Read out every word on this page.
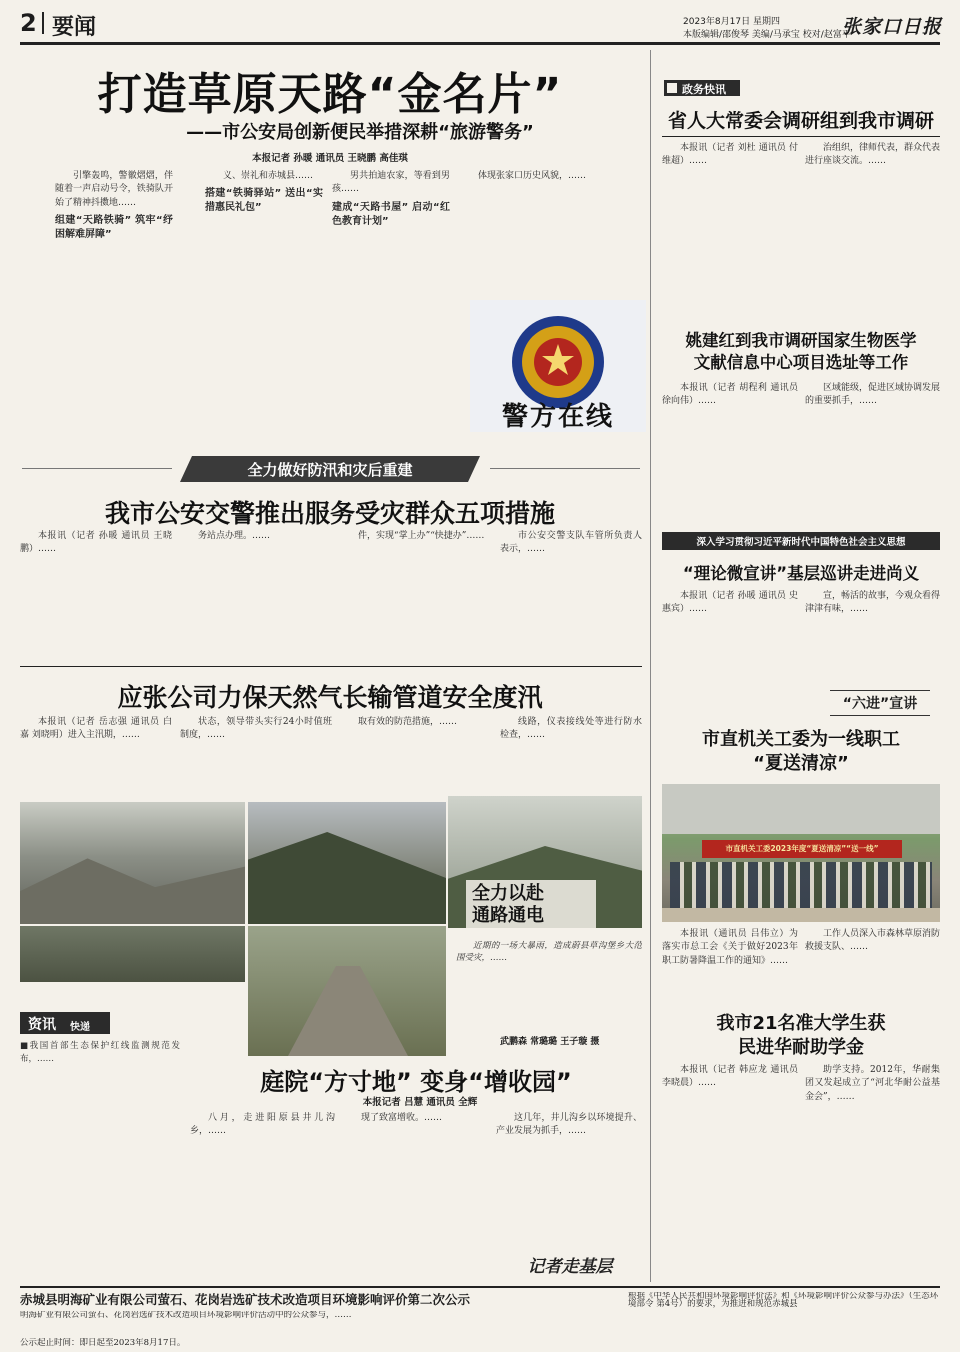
2 要闻	2023年8月17日 星期四
本版编辑/邵俊琴 美编/马承宝 校对/赵富平
张家口日报
打造草原天路“金名片”
——市公安局创新便民举措深耕“旅游警务”
本报记者 孙暖 通讯员 王晓鹏 高佳琪

引擎轰鸣，警徽熠熠，伴随着一声启动号令，铁骑队开始了精神抖擞地……

组建“天路铁骑” 筑牢“纾困解难屏障”

义、崇礼和赤城县……

搭建“铁骑驿站” 送出“实措惠民礼包”

男共拍迪农家，等看到男孩……

建成“天路书屋” 启动“红色教育计划”

体现张家口历史风貌，……

警方在线
全力做好防汛和灾后重建
我市公安交警推出服务受灾群众五项措施

本报讯（记者 孙暖 通讯员 王晓鹏）……

务站点办理。……	件，实现“掌上办”“快捷办”……	市公安交警支队车管所负责人表示，……

应张公司力保天然气长输管道安全度汛

本报讯（记者 岳志强 通讯员 白嘉 刘晓明）进入主汛期，……

状态，领导带头实行24小时值班制度，……

取有效的防范措施，……	线路，仪表接线处等进行防水检查，……

全力以赴
通路通电

近期的一场大暴雨，造成蔚县草沟堡乡大范围受灾，……

武鹏森 常璐璐 王子璇 摄
资讯 快递

■我国首部生态保护红线监测规范发布，……

庭院“方寸地” 变身“增收园”
本报记者 吕慧 通讯员 全辉

八月，走进阳原县井儿沟乡，……

现了致富增收。……	这几年，井儿沟乡以环境提升、产业发展为抓手，……

记者走基层
政务快讯
省人大常委会调研组到我市调研

本报讯（记者 刘杜 通讯员 付维超）……

治组织，律师代表，群众代表进行座谈交流。……

姚建红到我市调研国家生物医学
文献信息中心项目选址等工作

本报讯（记者 胡程利 通讯员 徐向伟）……

区域能级，促进区域协调发展的重要抓手，……

深入学习贯彻习近平新时代中国特色社会主义思想
“理论微宣讲”基层巡讲走进尚义

本报讯（记者 孙暖 通讯员 史惠宾）……

宣，畅活的故事，今观众看得津津有味，……

“六进”宣讲
市直机关工委为一线职工
“夏送清凉”
市直机关工委2023年度“夏送清凉”“送一线”

本报讯（通讯员 吕伟立）为落实市总工会《关于做好2023年职工防暑降温工作的通知》……

工作人员深入市森林草原消防救援支队、……

我市21名准大学生获
民进华耐助学金

本报讯（记者 韩应龙 通讯员 李晓晨）……

助学支持。2012年，华耐集团又发起成立了“河北华耐公益基金会”，……

赤城县明海矿业有限公司萤石、花岗岩选矿技术改造项目环境影响评价第二次公示	根据《中华人民共和国环境影响评价法》和《环境影响评价公众参与办法》（生态环境部令 第4号）的要求，为推进和规范赤城县

明海矿业有限公司萤石、花岗岩选矿技术改造项目环境影响评价活动中的公众参与，……

公示起止时间：即日起至2023年8月17日。
